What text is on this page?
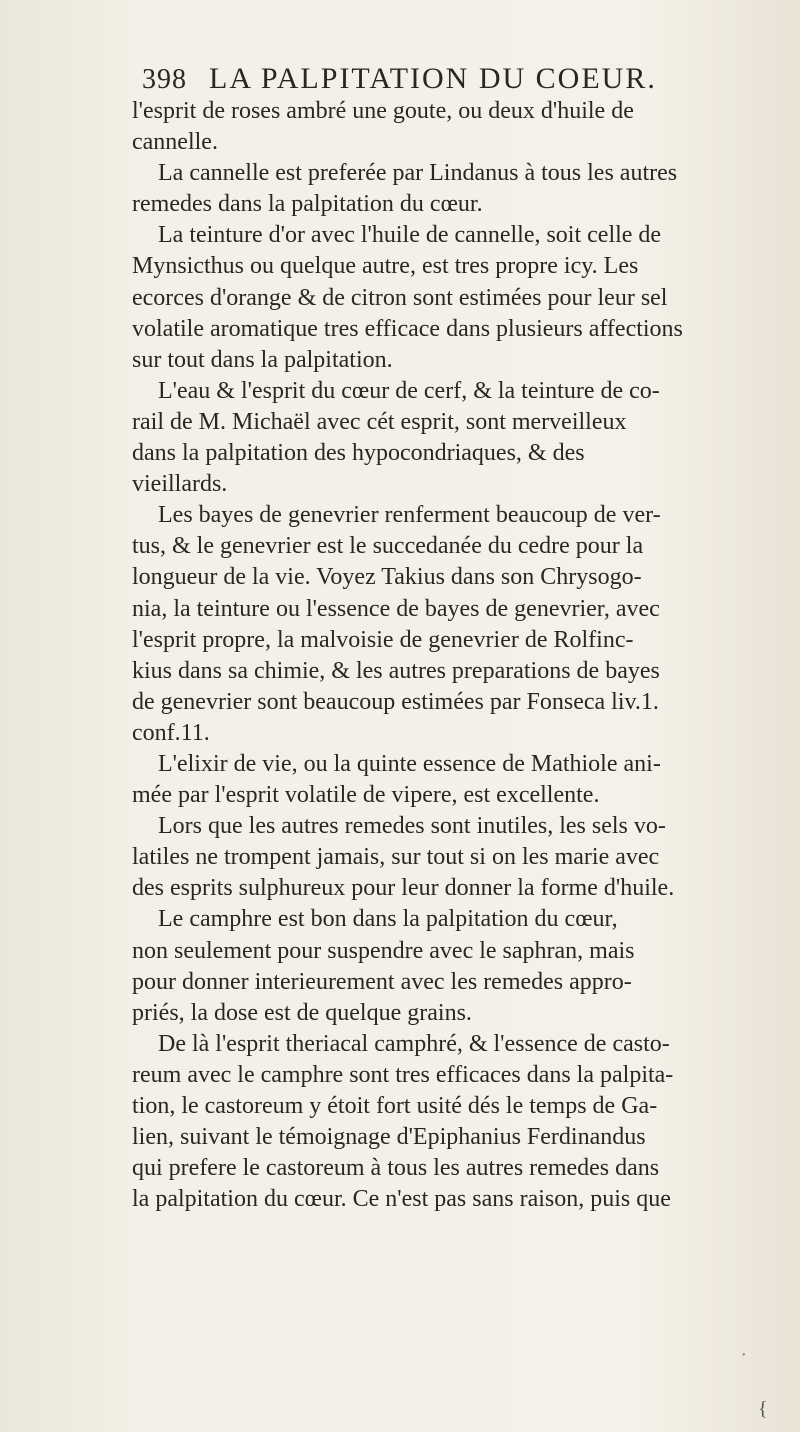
398 LA PALPITATION DU COEUR.
l'esprit de roses ambré une goute, ou deux d'huile de
cannelle.
La cannelle est preferée par Lindanus à tous les autres
remedes dans la palpitation du cœur.
La teinture d'or avec l'huile de cannelle, soit celle de
Mynsicthus ou quelque autre, est tres propre icy. Les
ecorces d'orange & de citron sont estimées pour leur sel
volatile aromatique tres efficace dans plusieurs affections
sur tout dans la palpitation.
L'eau & l'esprit du cœur de cerf, & la teinture de co-
rail de M. Michaël avec cét esprit, sont merveilleux
dans la palpitation des hypocondriaques, & des
vieillards.
Les bayes de genevrier renferment beaucoup de ver-
tus, & le genevrier est le succedanée du cedre pour la
longueur de la vie. Voyez Takius dans son Chrysogo-
nia, la teinture ou l'essence de bayes de genevrier, avec
l'esprit propre, la malvoisie de genevrier de Rolfinc-
kius dans sa chimie, & les autres preparations de bayes
de genevrier sont beaucoup estimées par Fonseca liv.1.
conf.11.
L'elixir de vie, ou la quinte essence de Mathiole ani-
mée par l'esprit volatile de vipere, est excellente.
Lors que les autres remedes sont inutiles, les sels vo-
latiles ne trompent jamais, sur tout si on les marie avec
des esprits sulphureux pour leur donner la forme d'huile.
Le camphre est bon dans la palpitation du cœur,
non seulement pour suspendre avec le saphran, mais
pour donner interieurement avec les remedes appro-
priés, la dose est de quelque grains.
De là l'esprit theriacal camphré, & l'essence de casto-
reum avec le camphre sont tres efficaces dans la palpita-
tion, le castoreum y étoit fort usité dés le temps de Ga-
lien, suivant le témoignage d'Epiphanius Ferdinandus
qui prefere le castoreum à tous les autres remedes dans
la palpitation du cœur. Ce n'est pas sans raison, puis que
•
{
